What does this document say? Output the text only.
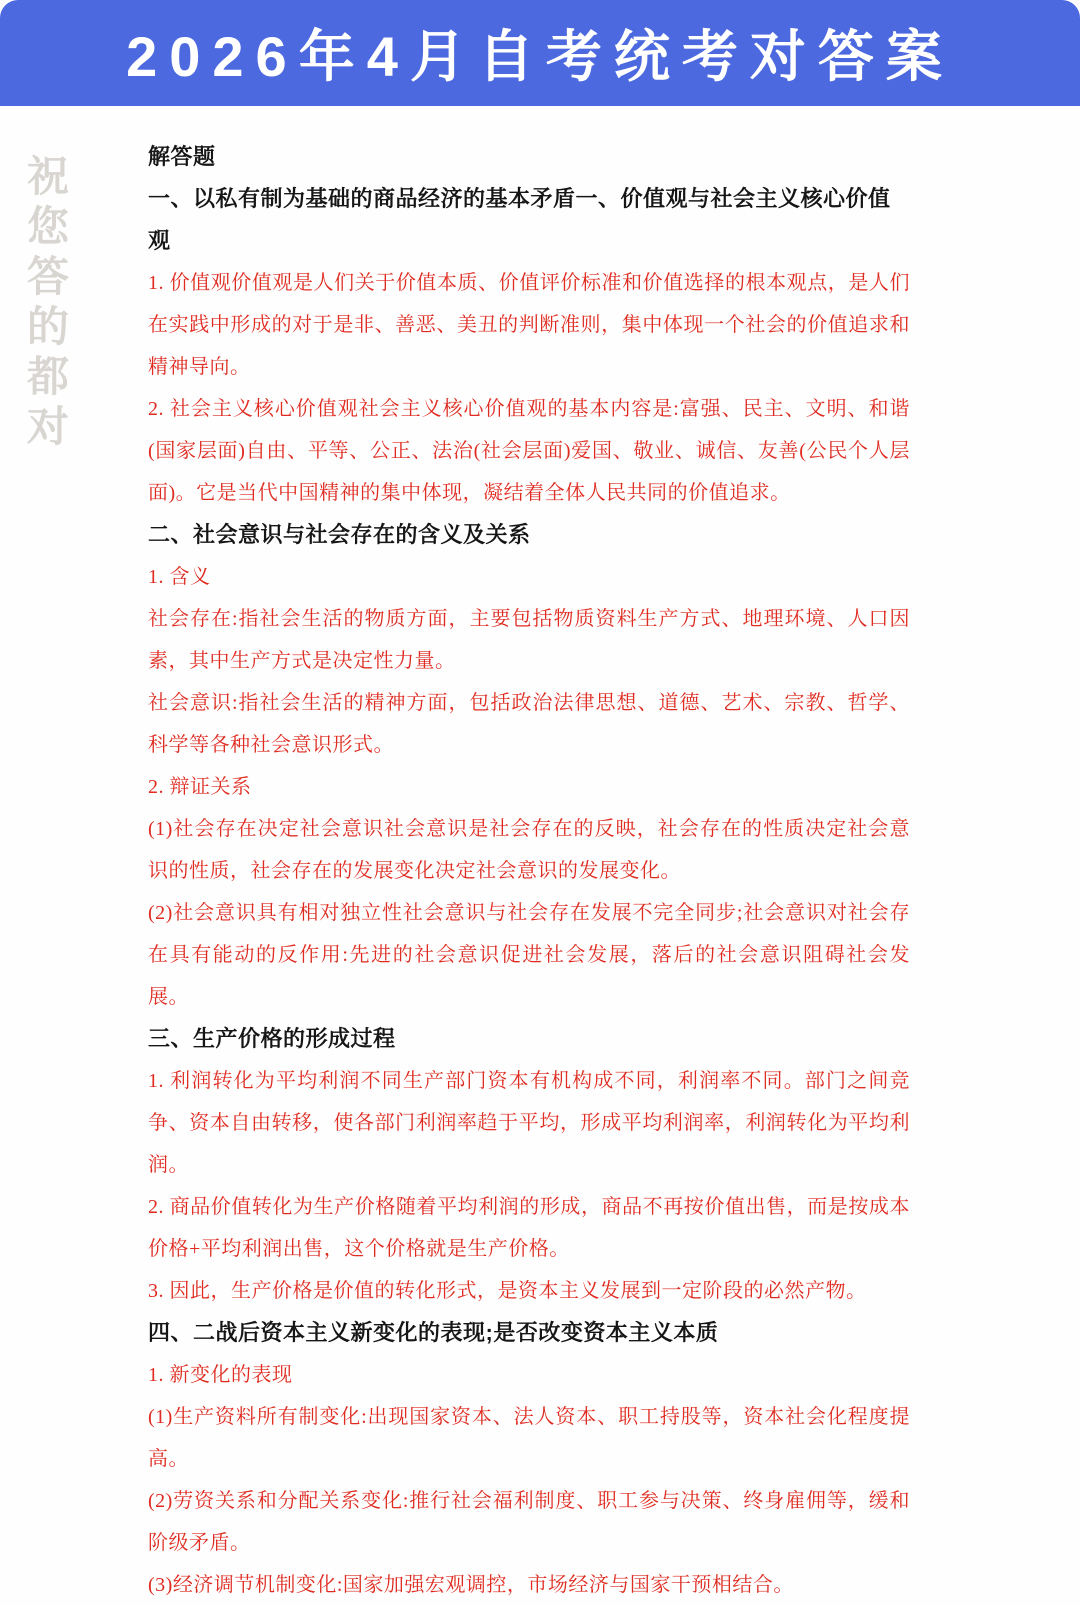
2026年4月自考统考对答案
祝
您
答
的
都
对

解答题

一、以私有制为基础的商品经济的基本矛盾一、价值观与社会主义核心价值观

1. 价值观价值观是人们关于价值本质、价值评价标准和价值选择的根本观点，是人们在实践中形成的对于是非、善恶、美丑的判断准则，集中体现一个社会的价值追求和精神导向。

2. 社会主义核心价值观社会主义核心价值观的基本内容是:富强、民主、文明、和谐(国家层面)自由、平等、公正、法治(社会层面)爱国、敬业、诚信、友善(公民个人层面)。它是当代中国精神的集中体现，凝结着全体人民共同的价值追求。

二、社会意识与社会存在的含义及关系

1. 含义

社会存在:指社会生活的物质方面，主要包括物质资料生产方式、地理环境、人口因素，其中生产方式是决定性力量。

社会意识:指社会生活的精神方面，包括政治法律思想、道德、艺术、宗教、哲学、科学等各种社会意识形式。

2. 辩证关系

(1)社会存在决定社会意识社会意识是社会存在的反映，社会存在的性质决定社会意识的性质，社会存在的发展变化决定社会意识的发展变化。

(2)社会意识具有相对独立性社会意识与社会存在发展不完全同步;社会意识对社会存在具有能动的反作用:先进的社会意识促进社会发展，落后的社会意识阻碍社会发展。

三、生产价格的形成过程

1. 利润转化为平均利润不同生产部门资本有机构成不同，利润率不同。部门之间竞争、资本自由转移，使各部门利润率趋于平均，形成平均利润率，利润转化为平均利润。

2. 商品价值转化为生产价格随着平均利润的形成，商品不再按价值出售，而是按成本价格+平均利润出售，这个价格就是生产价格。

3. 因此，生产价格是价值的转化形式，是资本主义发展到一定阶段的必然产物。

四、二战后资本主义新变化的表现;是否改变资本主义本质

1. 新变化的表现

(1)生产资料所有制变化:出现国家资本、法人资本、职工持股等，资本社会化程度提高。

(2)劳资关系和分配关系变化:推行社会福利制度、职工参与决策、终身雇佣等，缓和阶级矛盾。

(3)经济调节机制变化:国家加强宏观调控，市场经济与国家干预相结合。
